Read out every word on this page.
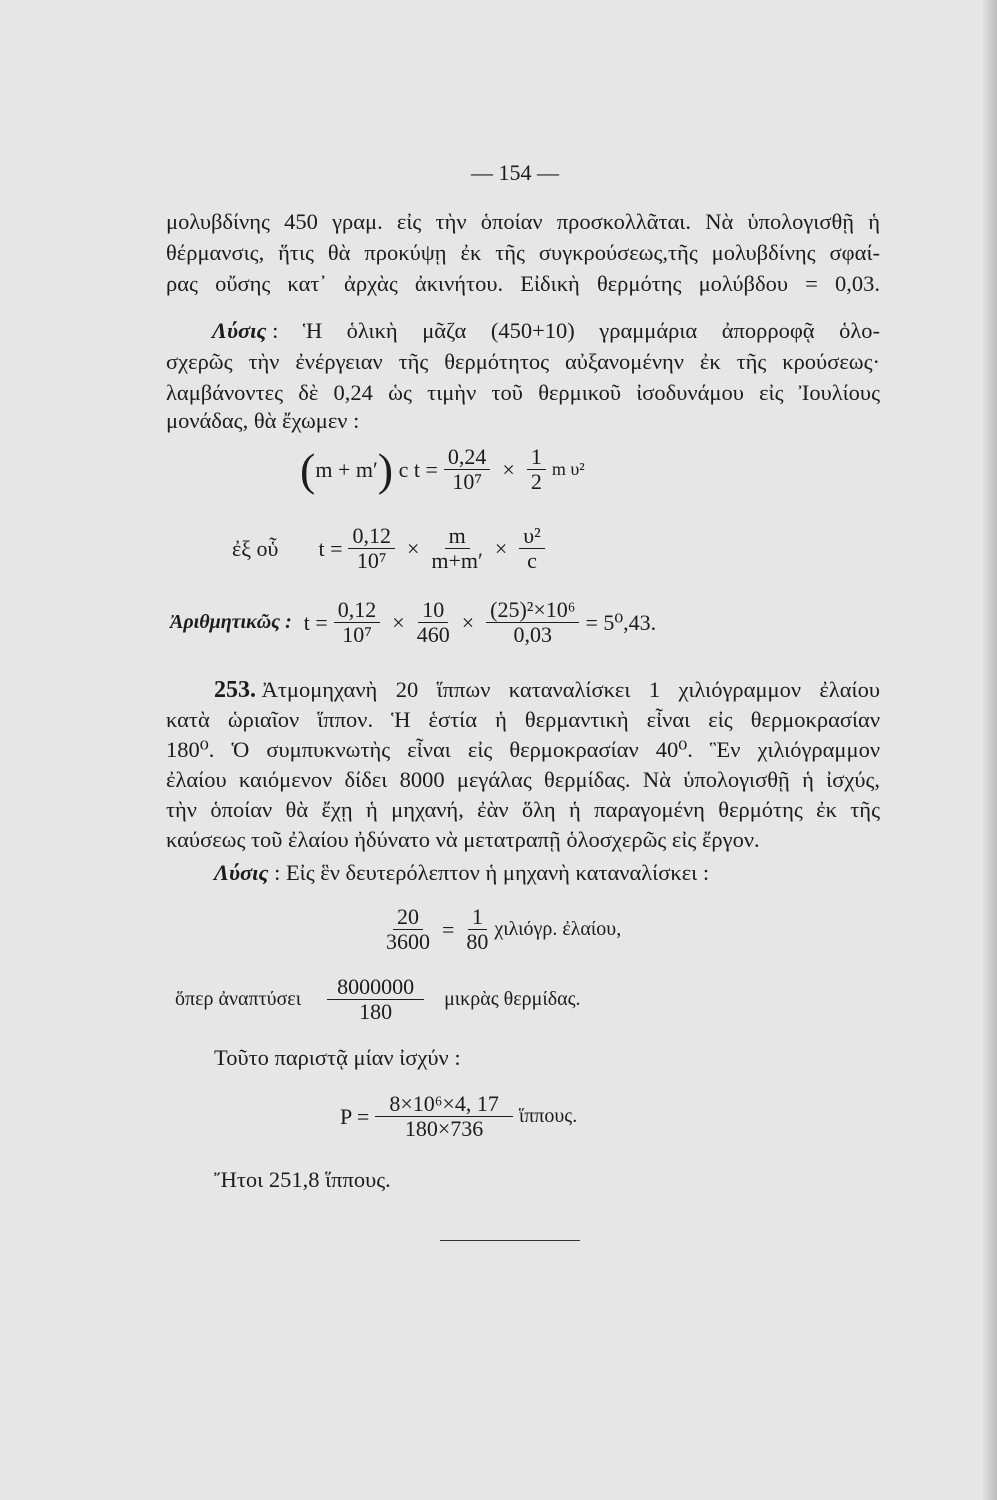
— 154 —
μολυβδίνης 450 γραμ. εἰς τὴν ὁποίαν προσκολλᾶται. Νὰ ὑπολογισθῇ ἡ
θέρμανσις, ἥτις θὰ προκύψῃ ἐκ τῆς συγκρούσεως,τῆς μολυβδίνης σφαί-
ρας οὔσης κατ᾽ ἀρχὰς ἀκινήτου. Εἰδικὴ θερμότης μολύβδου = 0,03.
Λύσις
: Ἡ ὁλικὴ μᾶζα (450+10) γραμμάρια ἀπορροφᾷ ὁλο-
σχερῶς τὴν ἐνέργειαν τῆς θερμότητος αὐξανομένην ἐκ τῆς κρούσεως·
λαμβάνοντες δὲ 0,24 ὡς τιμὴν τοῦ θερμικοῦ ἰσοδυνάμου εἰς Ἰουλίους
μονάδας, θὰ ἔχωμεν :
( m + m′ )
c $t = \frac{0,24}{\text{10⁷}} \times \frac{1}{2}$ m υ²
ἐξ οὗ $t = \frac{0,12}{\text{10⁷}} \times \frac{m}{m+m'} \times \frac{\text{υ²}}{c}$
Ἀριθμητικῶς : $t = \frac{0,12}{\text{10⁷}} \times \frac{10}{460} \times \frac{\text{(25)²×10⁶}}{0,03} = 5^0,43$.
253.
Ἀτμομηχανὴ 20 ἵππων καταναλίσκει 1 χιλιόγραμμον ἐλαίου
κατὰ ὡριαῖον ἵππον. Ἡ ἑστία ἡ θερμαντικὴ εἶναι εἰς θερμοκρασίαν
180⁰. Ὁ συμπυκνωτὴς εἶναι εἰς θερμοκρασίαν 40⁰. Ἓν χιλιόγραμμον
ἐλαίου καιόμενον δίδει 8000 μεγάλας θερμίδας. Νὰ ὑπολογισθῇ ἡ ἰσχύς,
τὴν ὁποίαν θὰ ἔχῃ ἡ μηχανή, ἐὰν ὅλη ἡ παραγομένη θερμότης ἐκ τῆς
καύσεως τοῦ ἐλαίου ἠδύνατο νὰ μετατραπῇ ὁλοσχερῶς εἰς ἔργον.
Λύσις : Εἰς ἓν δευτερόλεπτον ἡ μηχανὴ καταναλίσκει :
$\frac{20}{3600} = \frac{1}{80} \chi\iota\lambda\iota ό\gamma\rho$. ἐλαίου,
ὅπερ ἀναπτύσει	8000000
180	μικρὰς θερμίδας.
Τοῦτο παριστᾷ μίαν ἰσχύν :
$P = \frac{\text{8×10⁶×4, 17}}{180\times 736}$ ἵππους.
Ἤτοι 251,8 ἵππους.
